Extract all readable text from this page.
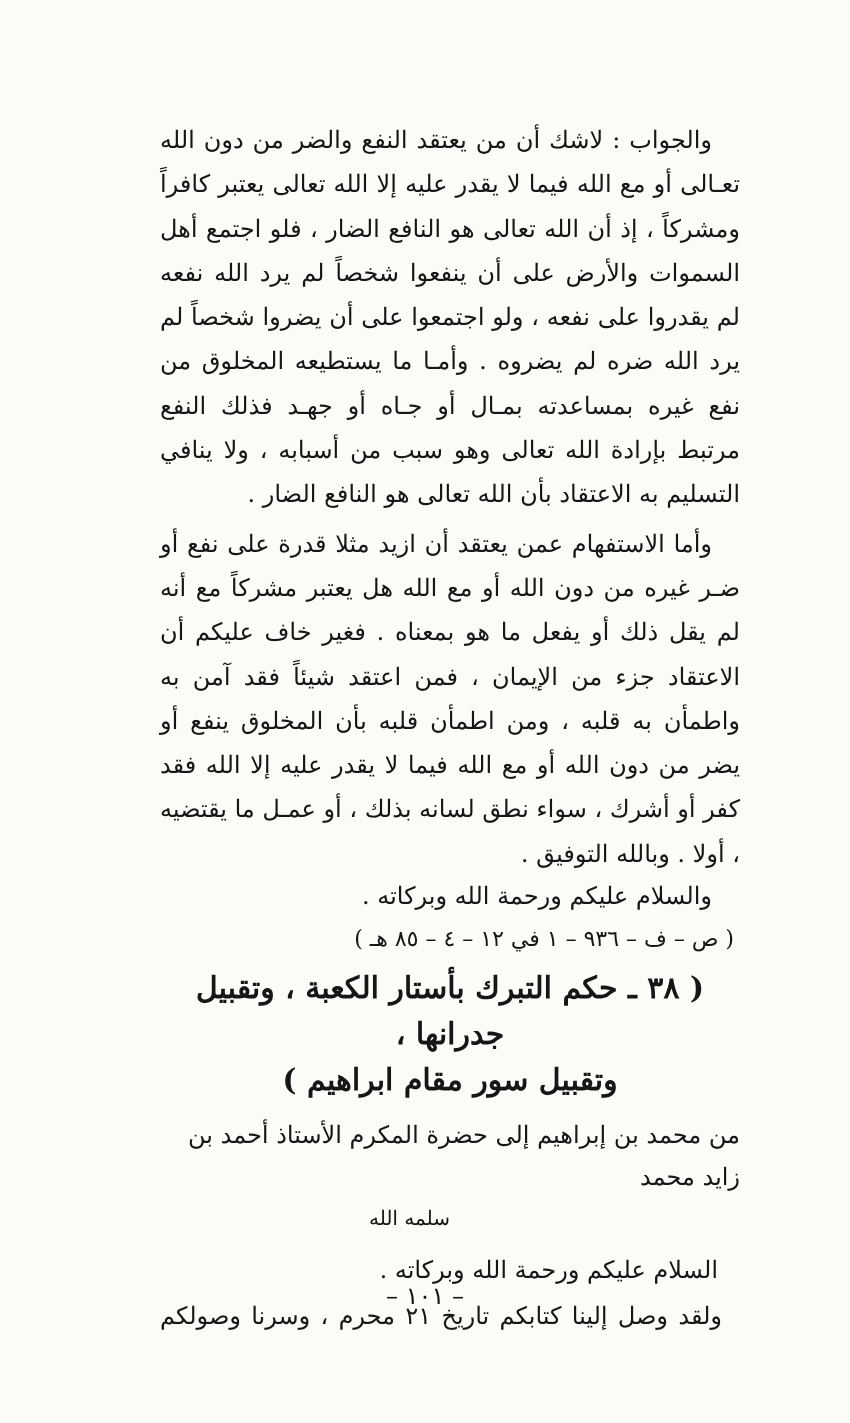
والجواب : لاشك أن من يعتقد النفع والضر من دون الله تعـالى أو مع الله فيما لا يقدر عليه إلا الله تعالى يعتبر كافراً ومشركاً ، إذ أن الله تعالى هو النافع الضار ، فلو اجتمع أهل السموات والأرض على أن ينفعوا شخصاً لم يرد الله نفعه لم يقدروا على نفعه ، ولو اجتمعوا على أن يضروا شخصاً لم يرد الله ضره لم يضروه . وأمـا ما يستطيعه المخلوق من نفع غيره بمساعدته بمـال أو جـاه أو جهـد فذلك النفع مرتبط بإرادة الله تعالى وهو سبب من أسبابه ، ولا ينافي التسليم به الاعتقاد بأن الله تعالى هو النافع الضار .

وأما الاستفهام عمن يعتقد أن ازيد مثلا قدرة على نفع أو ضـر غيره من دون الله أو مع الله هل يعتبر مشركاً مع أنه لم يقل ذلك أو يفعل ما هو بمعناه . فغير خاف عليكم أن الاعتقاد جزء من الإيمان ، فمن اعتقد شيئاً فقد آمن به واطمأن به قلبه ، ومن اطمأن قلبه بأن المخلوق ينفع أو يضر من دون الله أو مع الله فيما لا يقدر عليه إلا الله فقد كفر أو أشرك ، سواء نطق لسانه بذلك ، أو عمـل ما يقتضيه ، أولا . وبالله التوفيق .

والسلام عليكم ورحمة الله وبركاته .

( ص – ف – ٩٣٦ – ١ في ١٢ – ٤ – ٨٥ هـ )

( ٣٨ ـ حكم التبرك بأستار الكعبة ، وتقبيل جدرانها ،
وتقبيل سور مقام ابراهيم )

من محمد بن إبراهيم إلى حضرة المكرم الأستاذ أحمد بن زايد محمد

سلمه الله

السلام عليكم ورحمة الله وبركاته .

ولقد وصل إلينا كتابكم تاريخ ٢١ محرم ، وسرنا وصولكم

– ١٠١ –
